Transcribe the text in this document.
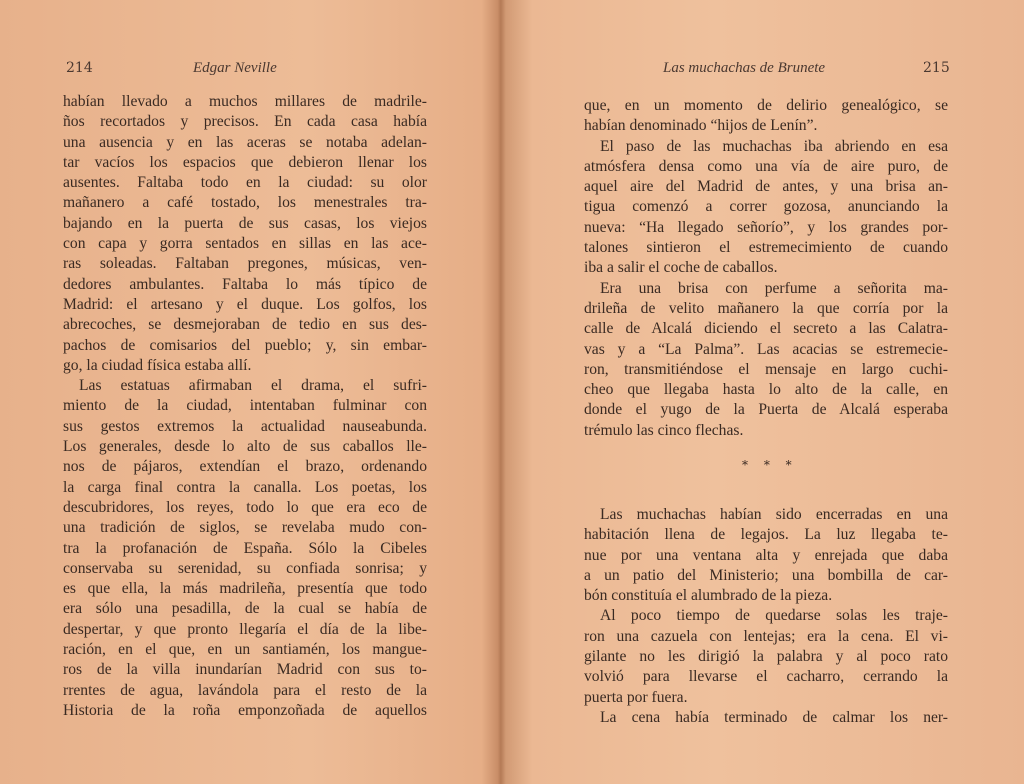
214	Edgar Neville
habían llevado a muchos millares de madrile-
ños recortados y precisos. En cada casa había
una ausencia y en las aceras se notaba adelan-
tar vacíos los espacios que debieron llenar los
ausentes. Faltaba todo en la ciudad: su olor
mañanero a café tostado, los menestrales tra-
bajando en la puerta de sus casas, los viejos
con capa y gorra sentados en sillas en las ace-
ras soleadas. Faltaban pregones, músicas, ven-
dedores ambulantes. Faltaba lo más típico de
Madrid: el artesano y el duque. Los golfos, los
abrecoches, se desmejoraban de tedio en sus des-
pachos de comisarios del pueblo; y, sin embar-
go, la ciudad física estaba allí.
Las estatuas afirmaban el drama, el sufri-
miento de la ciudad, intentaban fulminar con
sus gestos extremos la actualidad nauseabunda.
Los generales, desde lo alto de sus caballos lle-
nos de pájaros, extendían el brazo, ordenando
la carga final contra la canalla. Los poetas, los
descubridores, los reyes, todo lo que era eco de
una tradición de siglos, se revelaba mudo con-
tra la profanación de España. Sólo la Cibeles
conservaba su serenidad, su confiada sonrisa; y
es que ella, la más madrileña, presentía que todo
era sólo una pesadilla, de la cual se había de
despertar, y que pronto llegaría el día de la libe-
ración, en el que, en un santiamén, los mangue-
ros de la villa inundarían Madrid con sus to-
rrentes de agua, lavándola para el resto de la
Historia de la roña emponzoñada de aquellos
Las muchachas de Brunete	215
que, en un momento de delirio genealógico, se
habían denominado “hijos de Lenín”.
El paso de las muchachas iba abriendo en esa
atmósfera densa como una vía de aire puro, de
aquel aire del Madrid de antes, y una brisa an-
tigua comenzó a correr gozosa, anunciando la
nueva: “Ha llegado señorío”, y los grandes por-
talones sintieron el estremecimiento de cuando
iba a salir el coche de caballos.
Era una brisa con perfume a señorita ma-
drileña de velito mañanero la que corría por la
calle de Alcalá diciendo el secreto a las Calatra-
vas y a “La Palma”. Las acacias se estremecie-
ron, transmitiéndose el mensaje en largo cuchi-
cheo que llegaba hasta lo alto de la calle, en
donde el yugo de la Puerta de Alcalá esperaba
trémulo las cinco flechas.
* * *
Las muchachas habían sido encerradas en una
habitación llena de legajos. La luz llegaba te-
nue por una ventana alta y enrejada que daba
a un patio del Ministerio; una bombilla de car-
bón constituía el alumbrado de la pieza.
Al poco tiempo de quedarse solas les traje-
ron una cazuela con lentejas; era la cena. El vi-
gilante no les dirigió la palabra y al poco rato
volvió para llevarse el cacharro, cerrando la
puerta por fuera.
La cena había terminado de calmar los ner-
